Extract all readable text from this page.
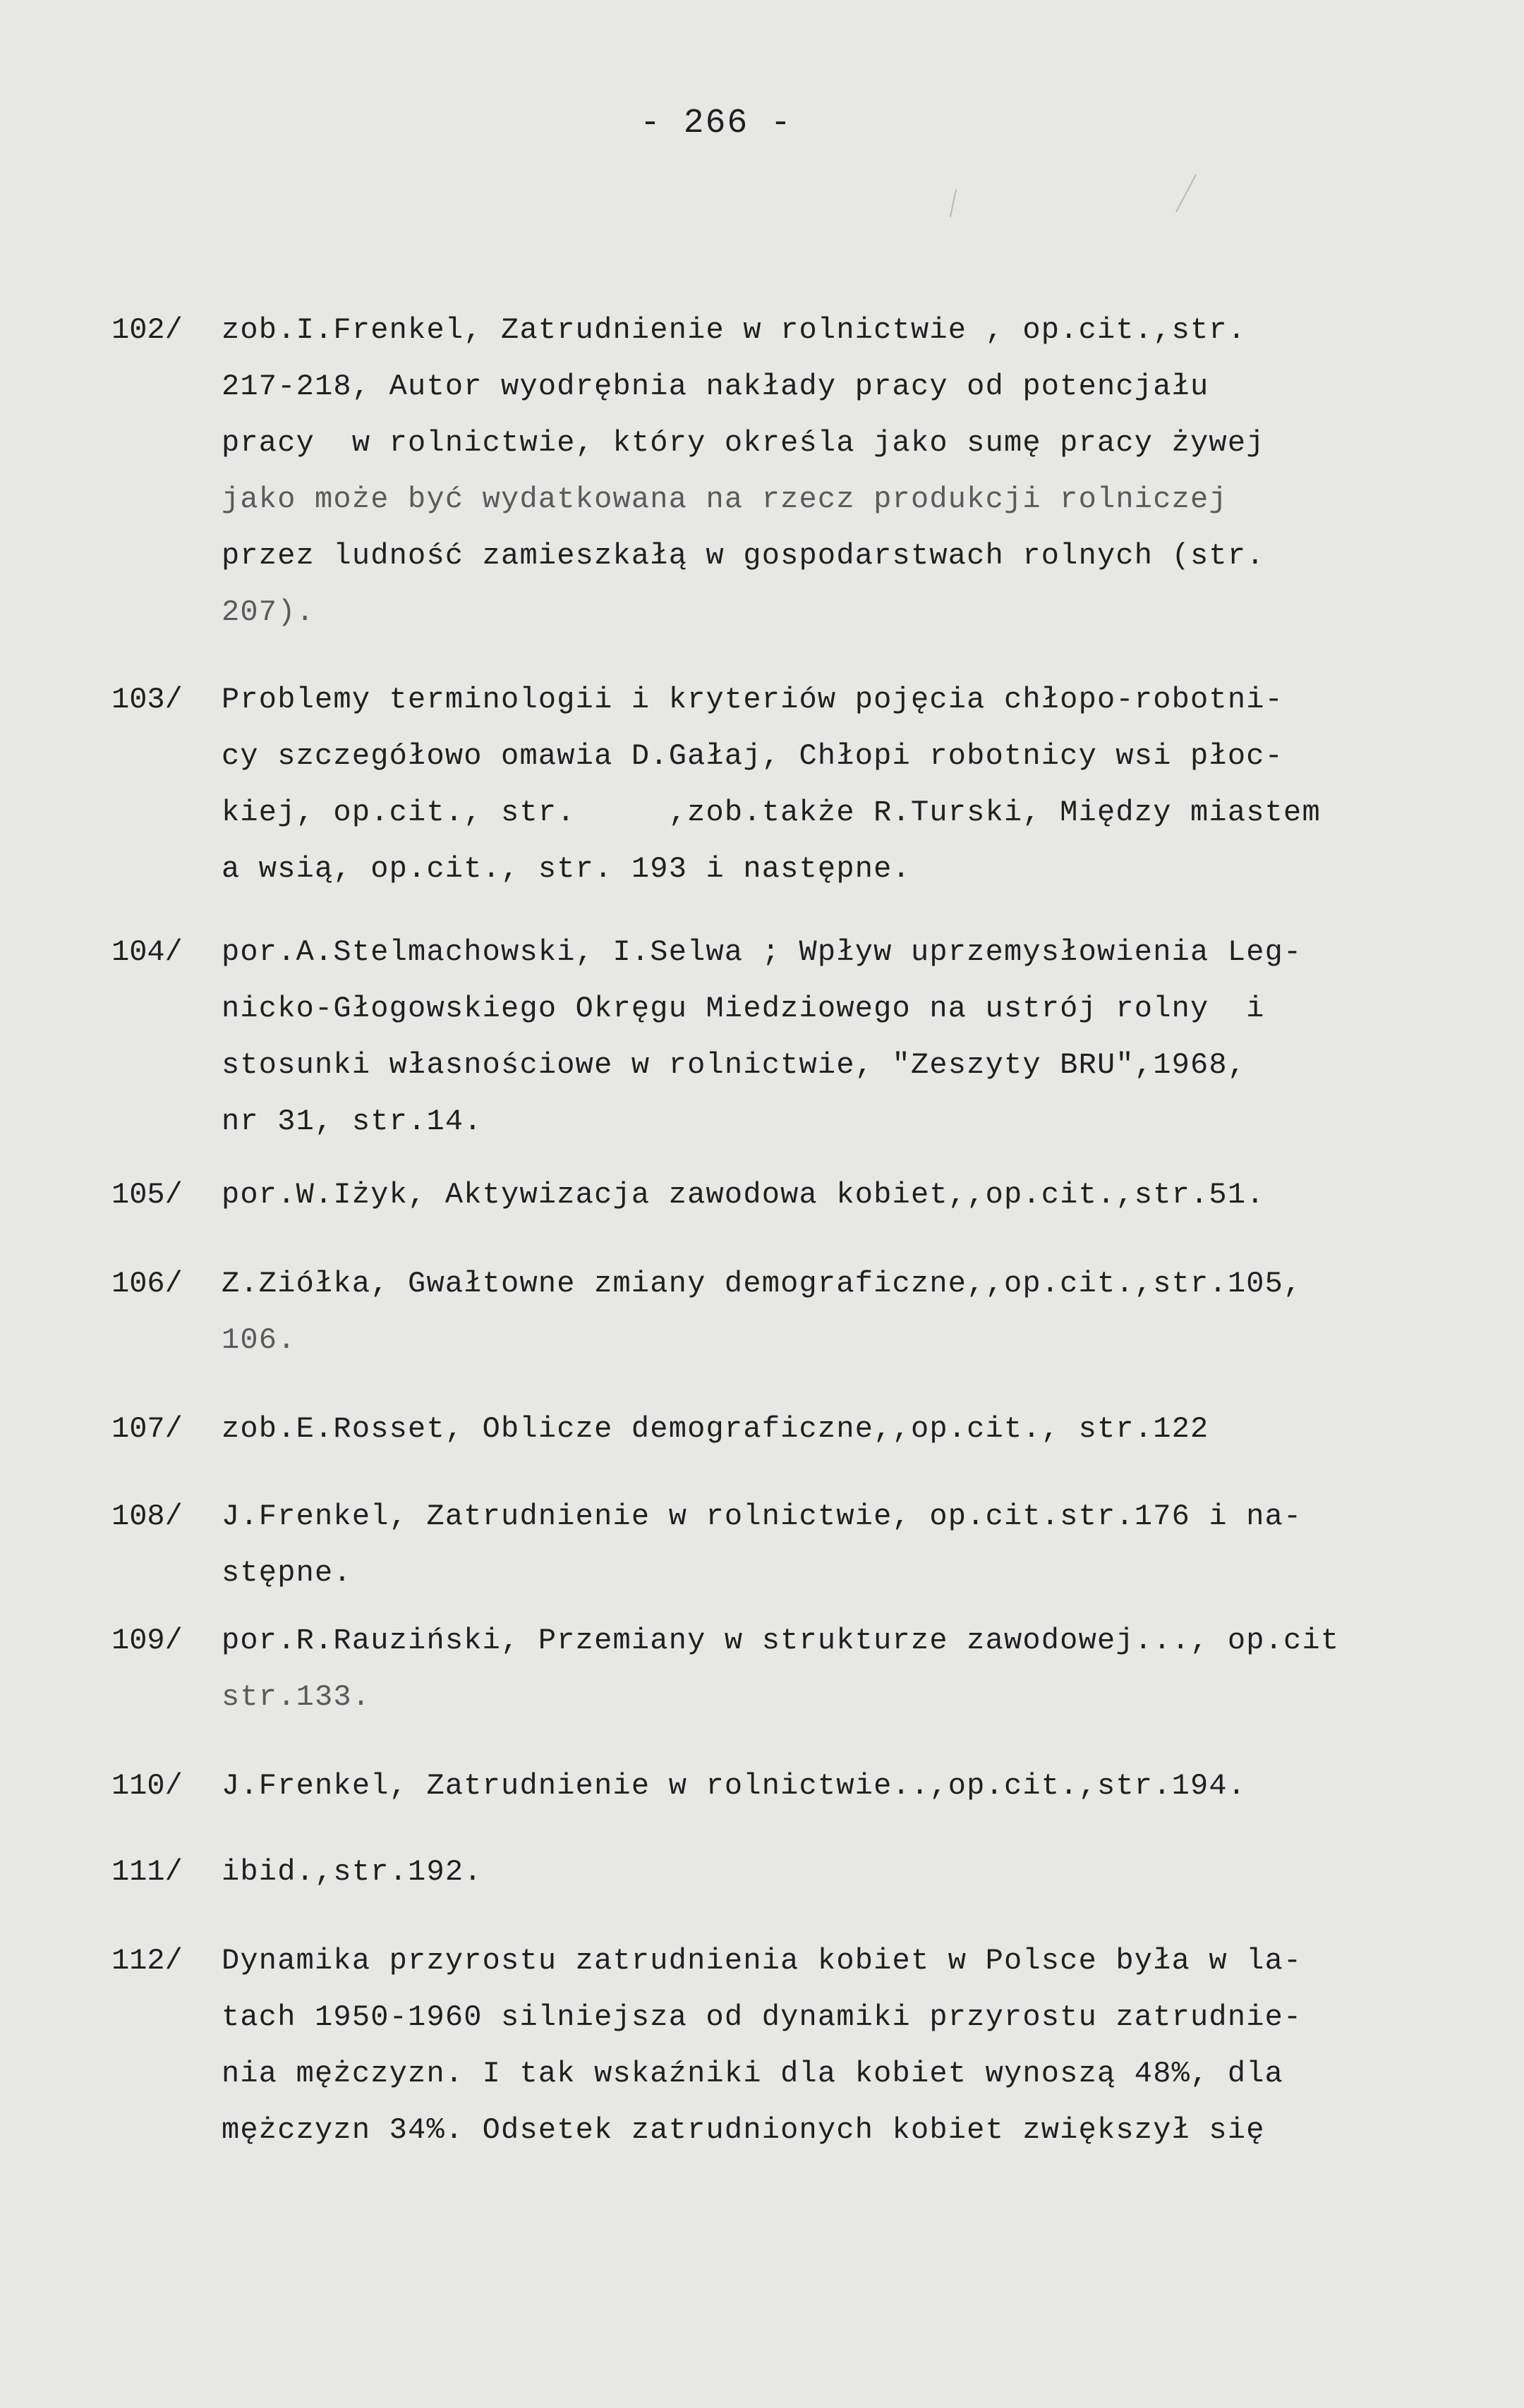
- 266 -
102/ zob.I.Frenkel, Zatrudnienie w rolnictwie , op.cit.,str.
217-218, Autor wyodrębnia nakłady pracy od potencjału
pracy  w rolnictwie, który określa jako sumę pracy żywej
jako może być wydatkowana na rzecz produkcji rolniczej
przez ludność zamieszkałą w gospodarstwach rolnych (str.
207).
103/ Problemy terminologii i kryteriów pojęcia chłopo-robotni-
cy szczegółowo omawia D.Gałaj, Chłopi robotnicy wsi płoc-
kiej, op.cit., str.     ,zob.także R.Turski, Między miastem
a wsią, op.cit., str. 193 i następne.
104/ por.A.Stelmachowski, I.Selwa ; Wpływ uprzemysłowienia Leg-
nicko-Głogowskiego Okręgu Miedziowego na ustrój rolny  i
stosunki własnościowe w rolnictwie, "Zeszyty BRU",1968,
nr 31, str.14.
105/ por.W.Iżyk, Aktywizacja zawodowa kobiet,,op.cit.,str.51.
106/ Z.Ziółka, Gwałtowne zmiany demograficzne,,op.cit.,str.105,
106.
107/ zob.E.Rosset, Oblicze demograficzne,,op.cit., str.122
108/ J.Frenkel, Zatrudnienie w rolnictwie, op.cit.str.176 i na-
stępne.
109/ por.R.Rauziński, Przemiany w strukturze zawodowej..., op.cit
str.133.
110/ J.Frenkel, Zatrudnienie w rolnictwie..,op.cit.,str.194.
111/ ibid.,str.192.
112/ Dynamika przyrostu zatrudnienia kobiet w Polsce była w la-
tach 1950-1960 silniejsza od dynamiki przyrostu zatrudnie-
nia mężczyzn. I tak wskaźniki dla kobiet wynoszą 48%, dla
mężczyzn 34%. Odsetek zatrudnionych kobiet zwiększył się
